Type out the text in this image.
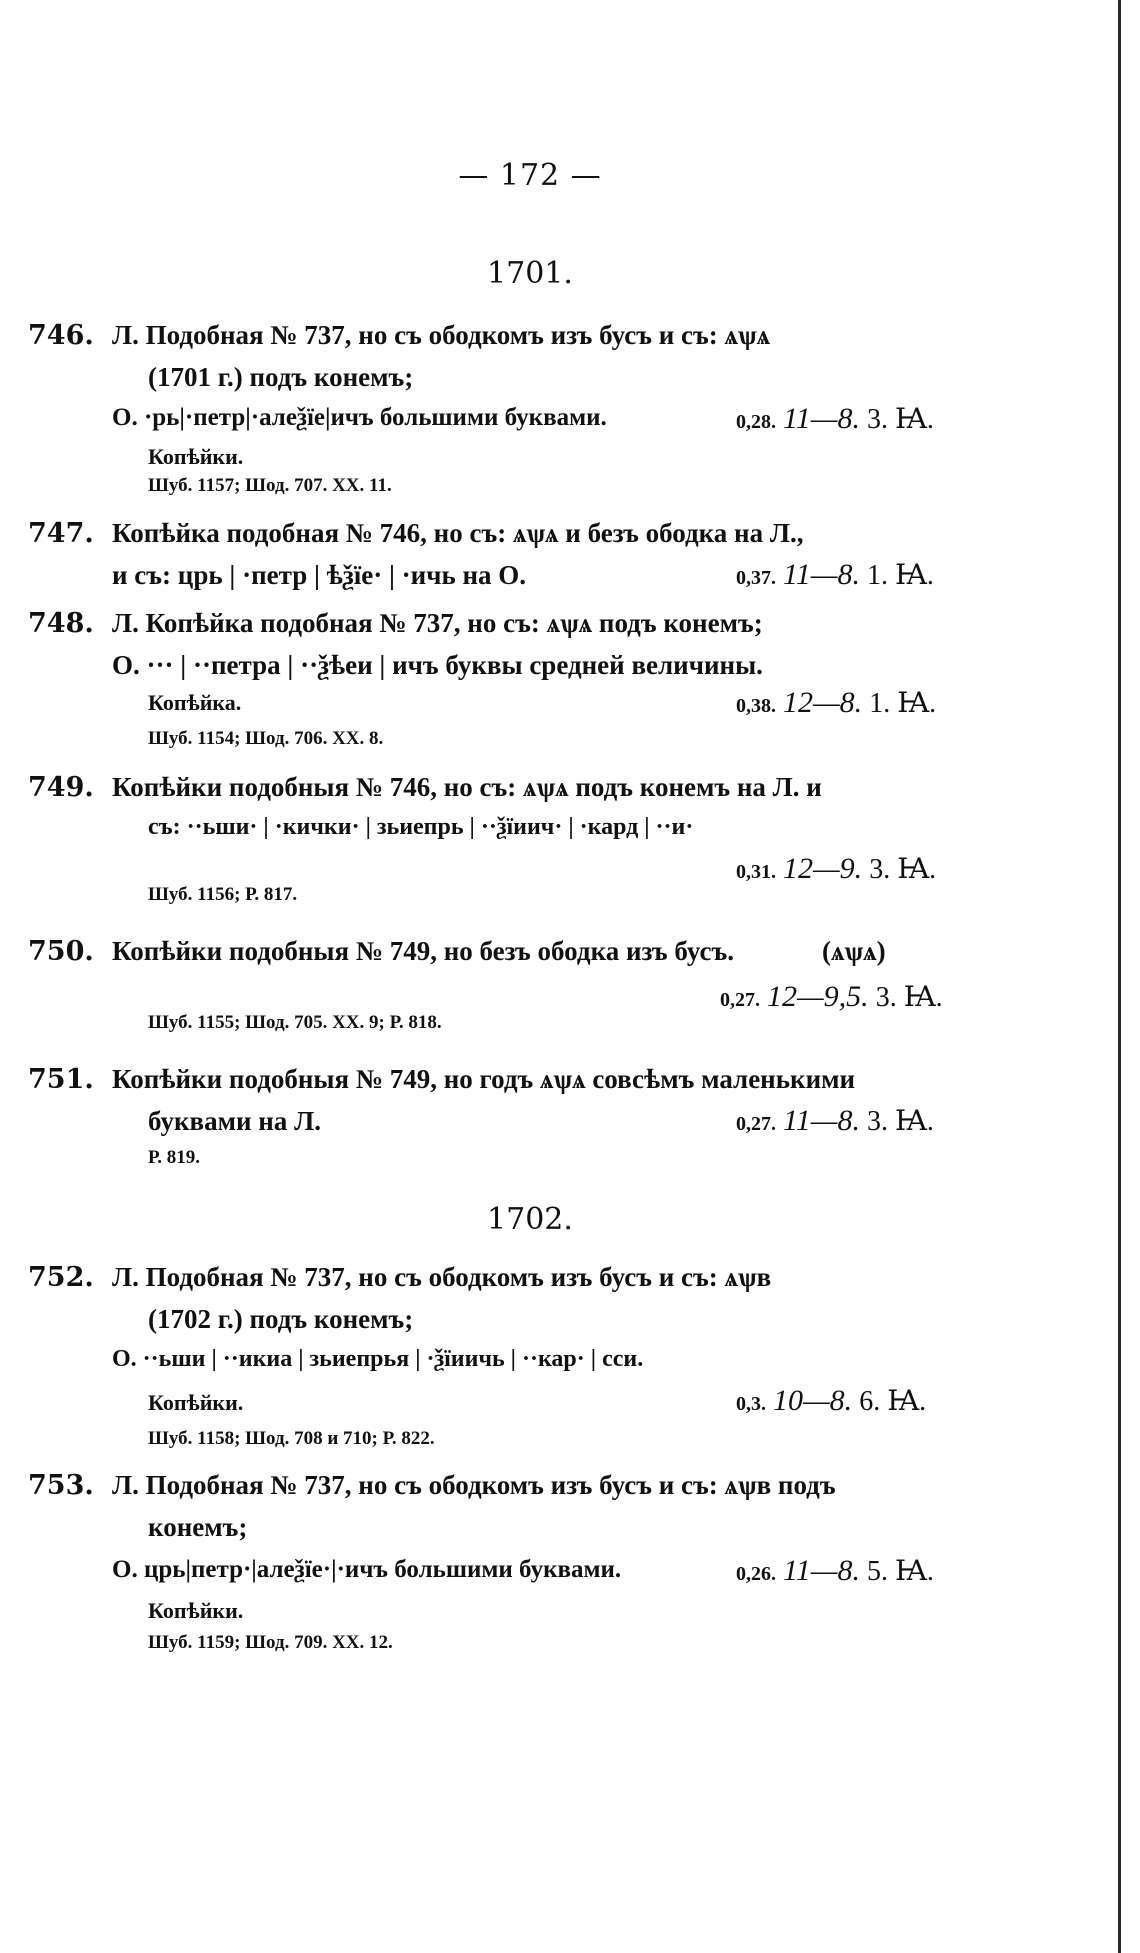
— 172 —
1701.
746. Л. Подобная № 737, но съ ободкомъ изъ бусъ и съ: ѧѱѧ
(1701 г.) подъ конемъ;
О. ·рь|·петр|·алеѯїе|ичъ большими буквами.	0,28. 11—8. 3. Ꙗ.
Копѣйки.
Шуб. 1157; Шод. 707. XX. 11.
747. Копѣйка подобная № 746, но съ: ѧѱѧ и безъ ободка на Л.,
и съ: црь | ·петр | ѣѯїе· | ·ичь на О.	0,37. 11—8. 1. Ꙗ.
748. Л. Копѣйка подобная № 737, но съ: ѧѱѧ подъ конемъ;
О. ··· | ··петра | ··ѯѣеи | ичъ буквы средней величины.
Копѣйка.	0,38. 12—8. 1. Ꙗ.
Шуб. 1154; Шод. 706. XX. 8.
749. Копѣйки подобныя № 746, но съ: ѧѱѧ подъ конемъ на Л. и
съ: ··ьши· | ·кички· | зьиепрь | ··ѯїиич· | ·кард | ··и·
0,31. 12—9. 3. Ꙗ.
Шуб. 1156; Р. 817.
750. Копѣйки подобныя № 749, но безъ ободка изъ бусъ.	(ѧѱѧ)
0,27. 12—9,5. 3. Ꙗ.
Шуб. 1155; Шод. 705. XX. 9; Р. 818.
751. Копѣйки подобныя № 749, но годъ ѧѱѧ совсѣмъ маленькими
буквами на Л.	0,27. 11—8. 3. Ꙗ.
Р. 819.
1702.
752. Л. Подобная № 737, но съ ободкомъ изъ бусъ и съ: ѧѱв
(1702 г.) подъ конемъ;
О. ··ьши | ··икиа | зьиепрья | ·ѯїиичь | ··кар· | сси.
Копѣйки.	0,3. 10—8. 6. Ꙗ.
Шуб. 1158; Шод. 708 и 710; Р. 822.
753. Л. Подобная № 737, но съ ободкомъ изъ бусъ и съ: ѧѱв подъ
конемъ;
О. црь|петр·|алеѯїе·|·ичъ большими буквами.	0,26. 11—8. 5. Ꙗ.
Копѣйки.
Шуб. 1159; Шод. 709. XX. 12.
